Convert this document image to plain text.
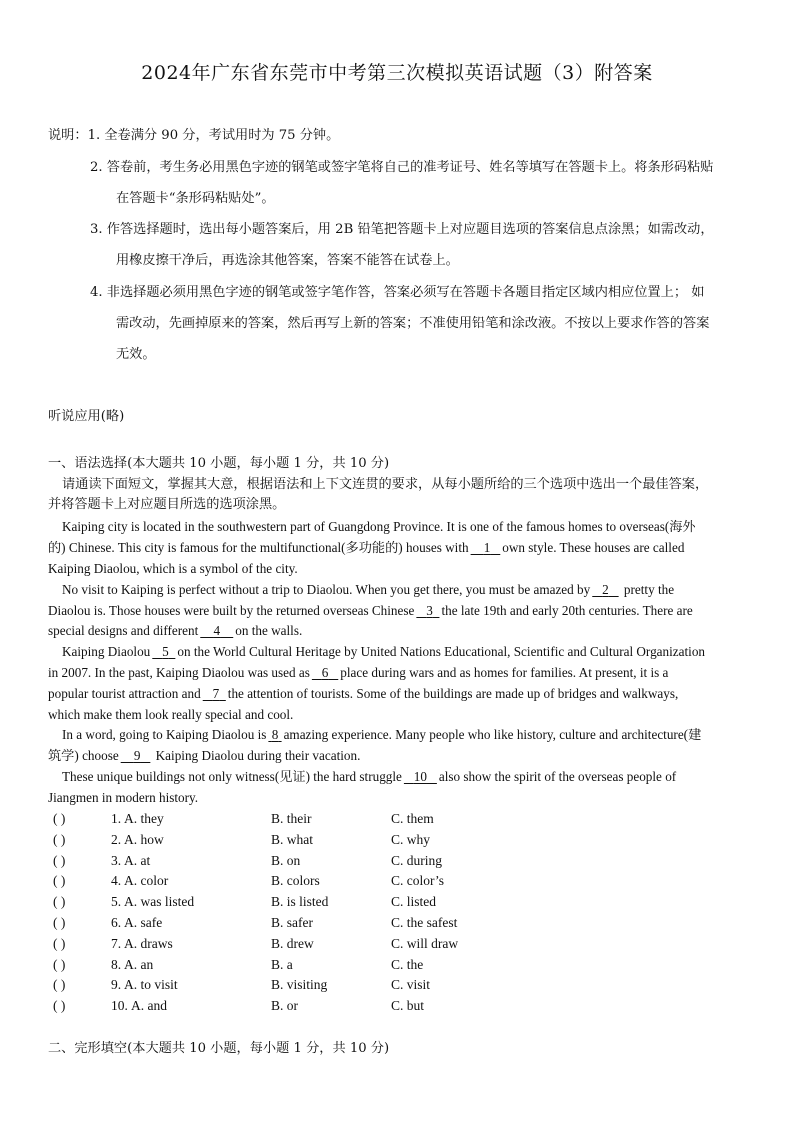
2024年广东省东莞市中考第三次模拟英语试题（3）附答案
说明：1. 全卷满分 90 分，考试用时为 75 分钟。
2. 答卷前，考生务必用黑色字迹的钢笔或签字笔将自己的准考证号、姓名等填写在答题卡上。将条形码粘贴
在答题卡“条形码粘贴处”。
3. 作答选择题时，选出每小题答案后，用 2B 铅笔把答题卡上对应题目选项的答案信息点涂黑；如需改动，
用橡皮擦干净后，再选涂其他答案，答案不能答在试卷上。
4. 非选择题必须用黑色字迹的钢笔或签字笔作答，答案必须写在答题卡各题目指定区域内相应位置上； 如
需改动，先画掉原来的答案，然后再写上新的答案；不准使用铅笔和涂改液。不按以上要求作答的答案
无效。
听说应用(略)
一、语法选择(本大题共 10 小题，每小题 1 分，共 10 分)
请通读下面短文，掌握其大意，根据语法和上下文连贯的要求，从每小题所给的三个选项中选出一个最佳答案，
并将答题卡上对应题目所选的选项涂黑。
Kaiping city is located in the southwestern part of Guangdong Province. It is one of the famous homes to overseas(海外
的) Chinese. This city is famous for the multifunctional(多功能的) houses with 1 own style. These houses are called
Kaiping Diaolou, which is a symbol of the city.
No visit to Kaiping is perfect without a trip to Diaolou. When you get there, you must be amazed by 2 pretty the
Diaolou is. Those houses were built by the returned overseas Chinese 3 the late 19th and early 20th centuries. There are
special designs and different 4 on the walls.
Kaiping Diaolou 5 on the World Cultural Heritage by United Nations Educational, Scientific and Cultural Organization
in 2007. In the past, Kaiping Diaolou was used as 6 place during wars and as homes for families. At present, it is a
popular tourist attraction and 7 the attention of tourists. Some of the buildings are made up of bridges and walkways,
which make them look really special and cool.
In a word, going to Kaiping Diaolou is 8 amazing experience. Many people who like history, culture and architecture(建
筑学) choose 9 Kaiping Diaolou during their vacation.
These unique buildings not only witness(见证) the hard struggle 10 also show the spirit of the overseas people of
Jiangmen in modern history.
( )	1. A. they	B. their	C. them
( )	2. A. how	B. what	C. why
( )	3. A. at	B. on	C. during
( )	4. A. color	B. colors	C. color’s
( )	5. A. was listed	B. is listed	C. listed
( )	6. A. safe	B. safer	C. the safest
( )	7. A. draws	B. drew	C. will draw
( )	8. A. an	B. a	C. the
( )	9. A. to visit	B. visiting	C. visit
( )	10. A. and	B. or	C. but
二、完形填空(本大题共 10 小题，每小题 1 分，共 10 分)
